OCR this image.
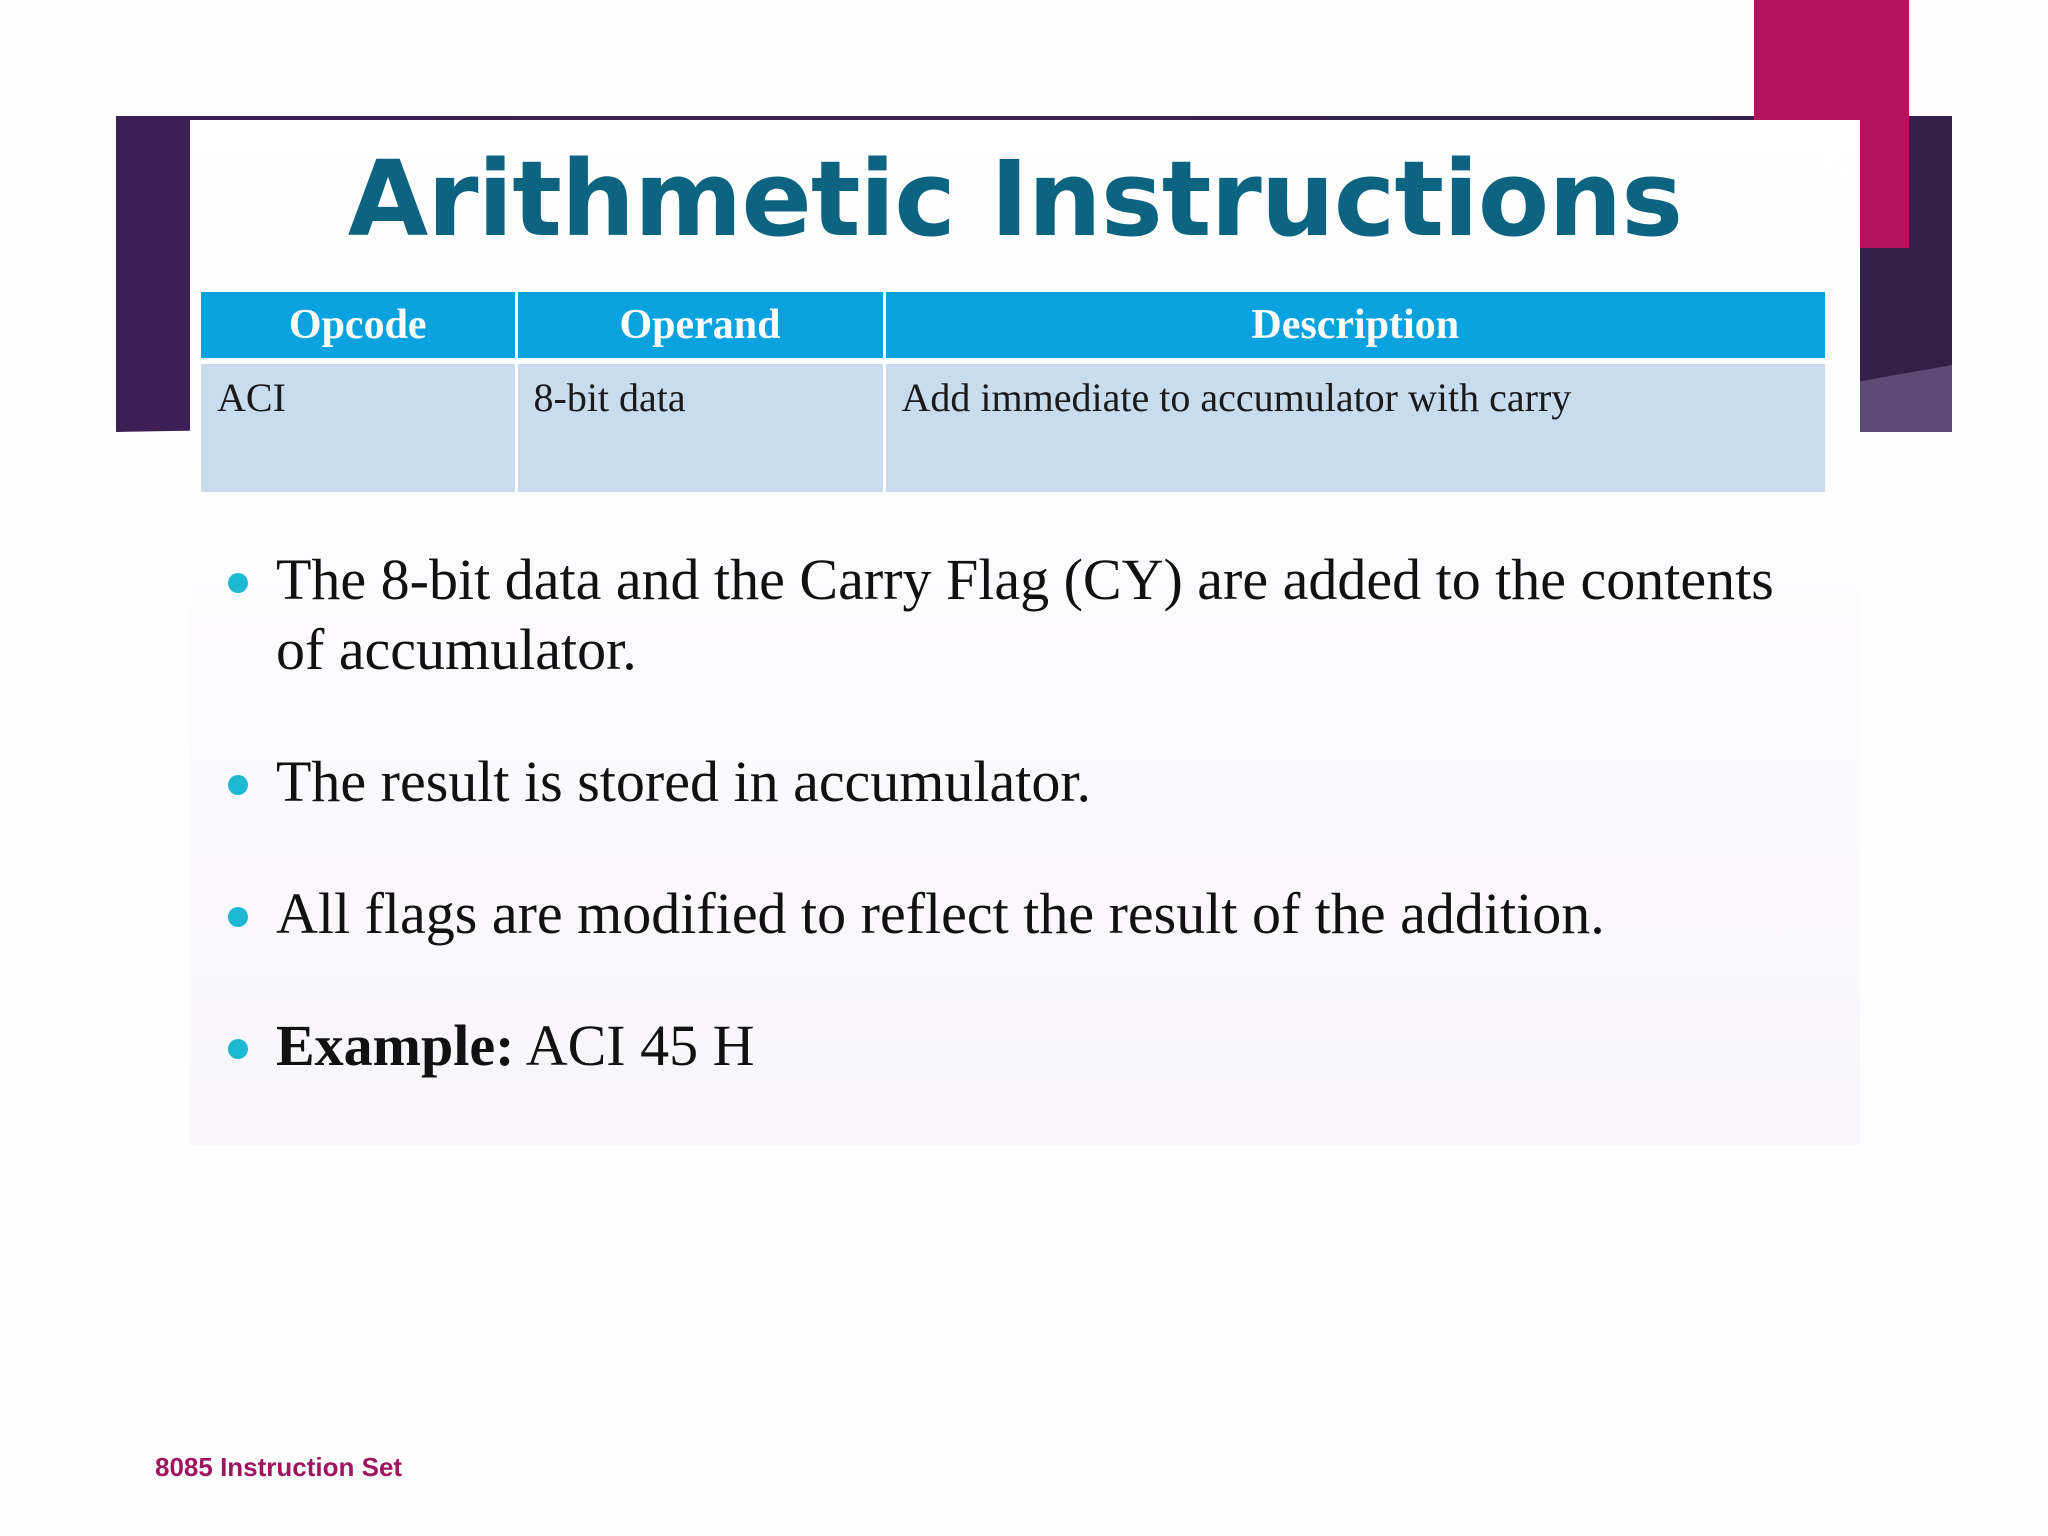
Arithmetic Instructions
Opcode	Operand	Description
ACI	8-bit data	Add immediate to accumulator with carry
The 8-bit data and the Carry Flag (CY) are added to the contents of accumulator.
The result is stored in accumulator.
All flags are modified to reflect the result of the addition.
Example: ACI 45 H
9
8085 Instruction Set
